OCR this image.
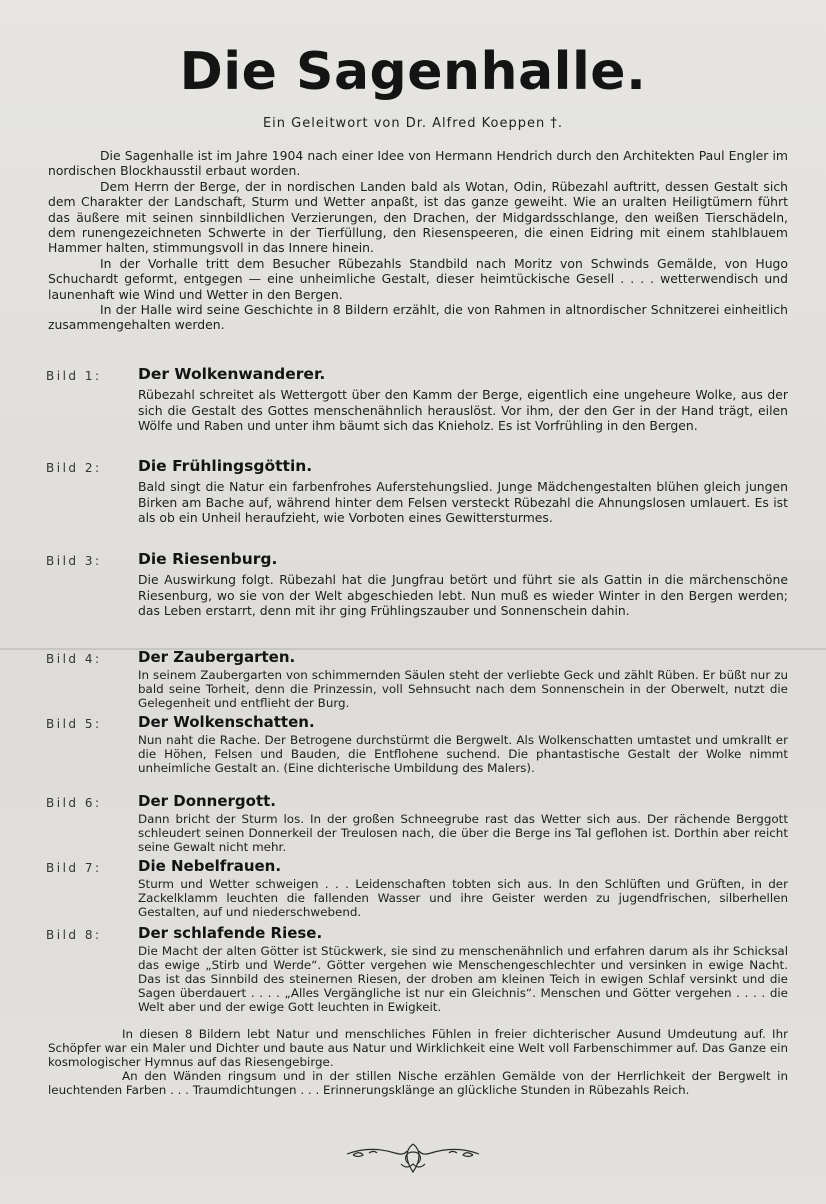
Die Sagenhalle.
Ein Geleitwort von Dr. Alfred Koeppen †.

Die Sagenhalle ist im Jahre 1904 nach einer Idee von Hermann Hendrich durch den Architekten Paul Engler im nordischen Blockhausstil erbaut worden.

Dem Herrn der Berge, der in nordischen Landen bald als Wotan, Odin, Rübezahl auftritt, dessen Gestalt sich dem Charakter der Landschaft, Sturm und Wetter anpaßt, ist das ganze geweiht. Wie an uralten Heiligtümern führt das äußere mit seinen sinnbildlichen Verzierungen, den Drachen, der Midgardsschlange, den weißen Tierschädeln, dem runengezeichneten Schwerte in der Tierfüllung, den Riesenspeeren, die einen Eidring mit einem stahlblauem Hammer halten, stimmungsvoll in das Innere hinein.

In der Vorhalle tritt dem Besucher Rübezahls Standbild nach Moritz von Schwinds Gemälde, von Hugo Schuchardt geformt, entgegen — eine unheimliche Gestalt, dieser heimtückische Gesell . . . . wetterwendisch und launenhaft wie Wind und Wetter in den Bergen.

In der Halle wird seine Geschichte in 8 Bildern erzählt, die von Rahmen in altnordischer Schnitzerei einheitlich zusammengehalten werden.

Bild 1: Der Wolkenwanderer.
Rübezahl schreitet als Wettergott über den Kamm der Berge, eigentlich eine ungeheure Wolke, aus der sich die Gestalt des Gottes menschenähnlich herauslöst. Vor ihm, der den Ger in der Hand trägt, eilen Wölfe und Raben und unter ihm bäumt sich das Knieholz. Es ist Vorfrühling in den Bergen.
Bild 2: Die Frühlingsgöttin.
Bald singt die Natur ein farbenfrohes Auferstehungslied. Junge Mädchengestalten blühen gleich jungen Birken am Bache auf, während hinter dem Felsen versteckt Rübezahl die Ahnungslosen umlauert. Es ist als ob ein Unheil heraufzieht, wie Vorboten eines Gewittersturmes.
Bild 3: Die Riesenburg.
Die Auswirkung folgt. Rübezahl hat die Jungfrau betört und führt sie als Gattin in die märchenschöne Riesenburg, wo sie von der Welt abgeschieden lebt. Nun muß es wieder Winter in den Bergen werden; das Leben erstarrt, denn mit ihr ging Frühlingszauber und Sonnenschein dahin.
Bild 4: Der Zaubergarten.
In seinem Zaubergarten von schimmernden Säulen steht der verliebte Geck und zählt Rüben. Er büßt nur zu bald seine Torheit, denn die Prinzessin, voll Sehnsucht nach dem Sonnenschein in der Oberwelt, nutzt die Gelegenheit und entflieht der Burg.
Bild 5: Der Wolkenschatten.
Nun naht die Rache. Der Betrogene durchstürmt die Bergwelt. Als Wolkenschatten umtastet und umkrallt er die Höhen, Felsen und Bauden, die Entflohene suchend. Die phantastische Gestalt der Wolke nimmt unheimliche Gestalt an. (Eine dichterische Umbildung des Malers).
Bild 6: Der Donnergott.
Dann bricht der Sturm los. In der großen Schneegrube rast das Wetter sich aus. Der rächende Berggott schleudert seinen Donnerkeil der Treulosen nach, die über die Berge ins Tal geflohen ist. Dorthin aber reicht seine Gewalt nicht mehr.
Bild 7: Die Nebelfrauen.
Sturm und Wetter schweigen . . . Leidenschaften tobten sich aus. In den Schlüften und Grüften, in der Zackelklamm leuchten die fallenden Wasser und ihre Geister werden zu jugendfrischen, silberhellen Gestalten, auf und niederschwebend.
Bild 8: Der schlafende Riese.
Die Macht der alten Götter ist Stückwerk, sie sind zu menschenähnlich und erfahren darum als ihr Schicksal das ewige „Stirb und Werde“. Götter vergehen wie Menschengeschlechter und versinken in ewige Nacht. Das ist das Sinnbild des steinernen Riesen, der droben am kleinen Teich in ewigen Schlaf versinkt und die Sagen überdauert . . . . „Alles Vergängliche ist nur ein Gleichnis“. Menschen und Götter vergehen . . . . die Welt aber und der ewige Gott leuchten in Ewigkeit.

In diesen 8 Bildern lebt Natur und menschliches Fühlen in freier dichterischer Ausund Umdeutung auf. Ihr Schöpfer war ein Maler und Dichter und baute aus Natur und Wirklichkeit eine Welt voll Farbenschimmer auf. Das Ganze ein kosmologischer Hymnus auf das Riesengebirge.

An den Wänden ringsum und in der stillen Nische erzählen Gemälde von der Herrlichkeit der Bergwelt in leuchtenden Farben . . . Traumdichtungen . . . Erinnerungsklänge an glückliche Stunden in Rübezahls Reich.
